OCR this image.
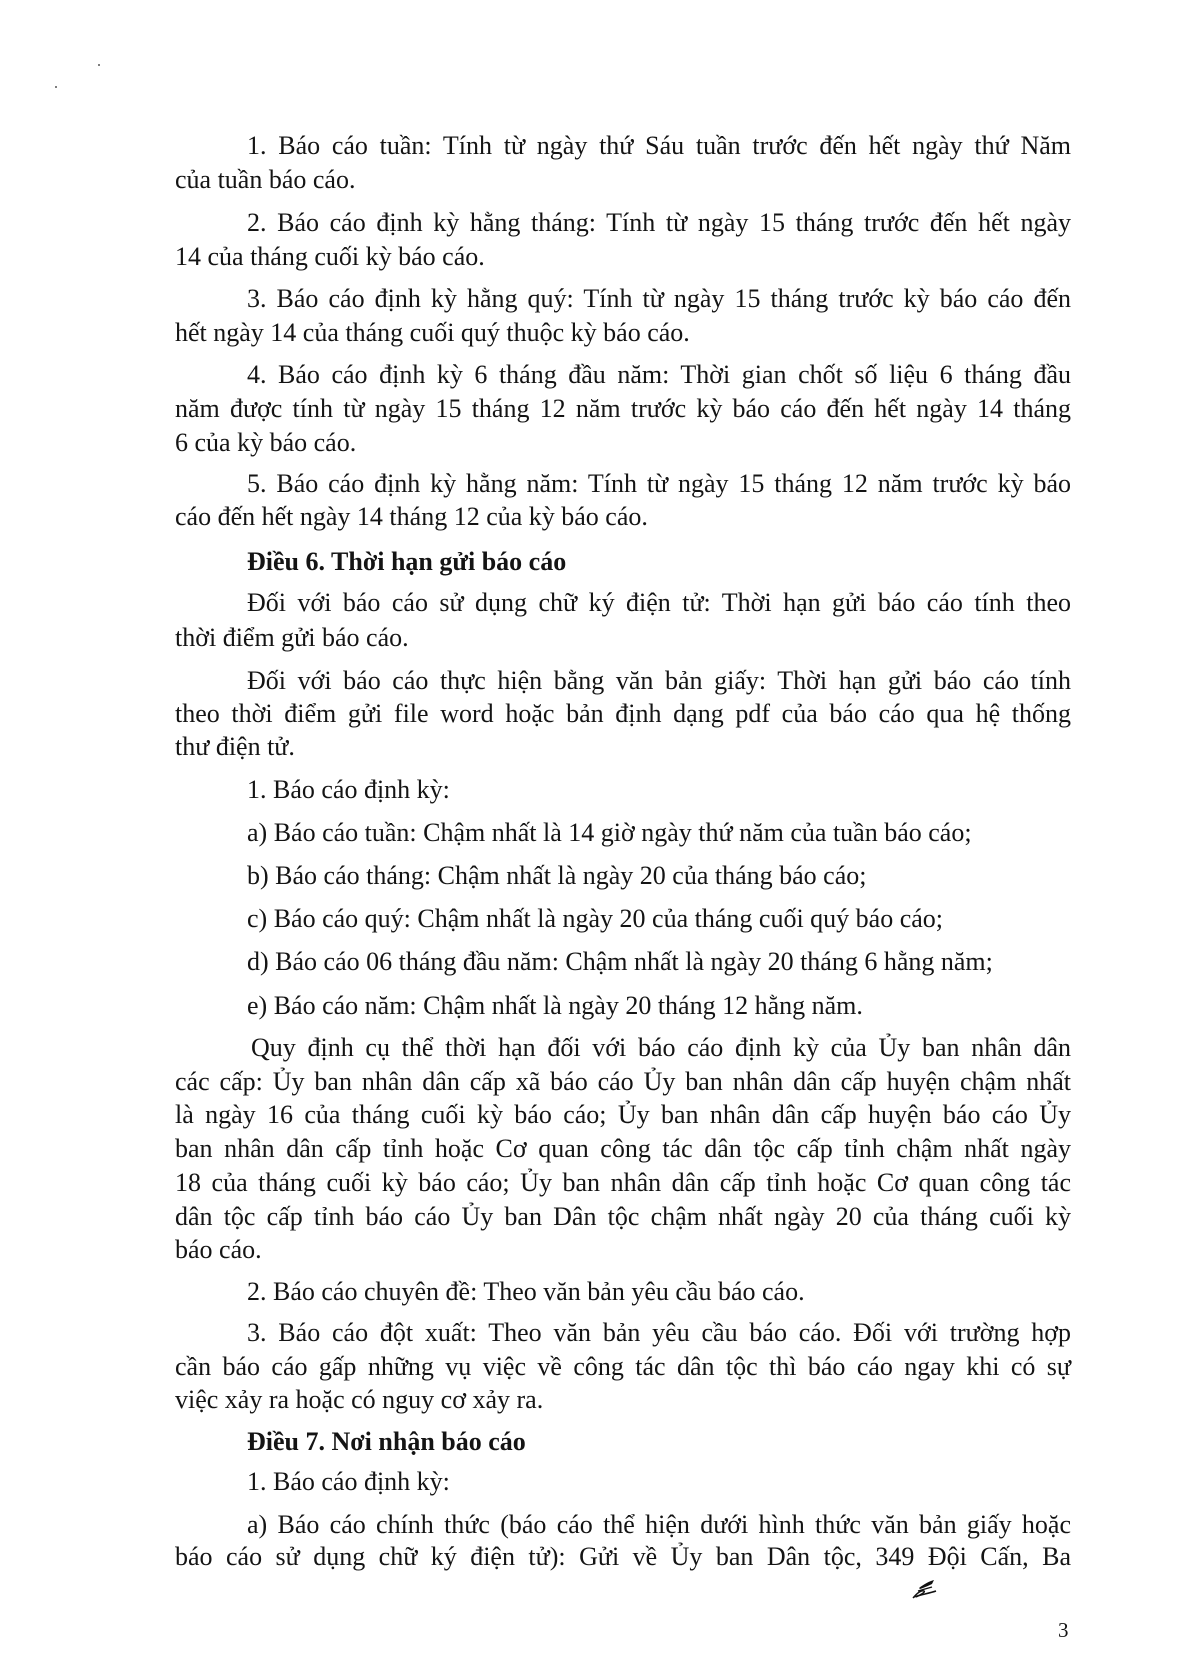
1. Báo cáo tuần: Tính từ ngày thứ Sáu tuần trước đến hết ngày thứ Năm
của tuần báo cáo.
2. Báo cáo định kỳ hằng tháng: Tính từ ngày 15 tháng trước đến hết ngày
14 của tháng cuối kỳ báo cáo.
3. Báo cáo định kỳ hằng quý: Tính từ ngày 15 tháng trước kỳ báo cáo đến
hết ngày 14 của tháng cuối quý thuộc kỳ báo cáo.
4. Báo cáo định kỳ 6 tháng đầu năm: Thời gian chốt số liệu 6 tháng đầu
năm được tính từ ngày 15 tháng 12 năm trước kỳ báo cáo đến hết ngày 14 tháng
6 của kỳ báo cáo.
5. Báo cáo định kỳ hằng năm: Tính từ ngày 15 tháng 12 năm trước kỳ báo
cáo đến hết ngày 14 tháng 12 của kỳ báo cáo.
Điều 6. Thời hạn gửi báo cáo
Đối với báo cáo sử dụng chữ ký điện tử: Thời hạn gửi báo cáo tính theo
thời điểm gửi báo cáo.
Đối với báo cáo thực hiện bằng văn bản giấy: Thời hạn gửi báo cáo tính
theo thời điểm gửi file word hoặc bản định dạng pdf của báo cáo qua hệ thống
thư điện tử.
1. Báo cáo định kỳ:
a) Báo cáo tuần: Chậm nhất là 14 giờ ngày thứ năm của tuần báo cáo;
b) Báo cáo tháng: Chậm nhất là ngày 20 của tháng báo cáo;
c) Báo cáo quý: Chậm nhất là ngày 20 của tháng cuối quý báo cáo;
d) Báo cáo 06 tháng đầu năm: Chậm nhất là ngày 20 tháng 6 hằng năm;
e) Báo cáo năm: Chậm nhất là ngày 20 tháng 12 hằng năm.
Quy định cụ thể thời hạn đối với báo cáo định kỳ của Ủy ban nhân dân
các cấp: Ủy ban nhân dân cấp xã báo cáo Ủy ban nhân dân cấp huyện chậm nhất
là ngày 16 của tháng cuối kỳ báo cáo; Ủy ban nhân dân cấp huyện báo cáo Ủy
ban nhân dân cấp tỉnh hoặc Cơ quan công tác dân tộc cấp tỉnh chậm nhất ngày
18 của tháng cuối kỳ báo cáo; Ủy ban nhân dân cấp tỉnh hoặc Cơ quan công tác
dân tộc cấp tỉnh báo cáo Ủy ban Dân tộc chậm nhất ngày 20 của tháng cuối kỳ
báo cáo.
2. Báo cáo chuyên đề: Theo văn bản yêu cầu báo cáo.
3. Báo cáo đột xuất: Theo văn bản yêu cầu báo cáo. Đối với trường hợp
cần báo cáo gấp những vụ việc về công tác dân tộc thì báo cáo ngay khi có sự
việc xảy ra hoặc có nguy cơ xảy ra.
Điều 7. Nơi nhận báo cáo
1. Báo cáo định kỳ:
a) Báo cáo chính thức (báo cáo thể hiện dưới hình thức văn bản giấy hoặc
báo cáo sử dụng chữ ký điện tử): Gửi về Ủy ban Dân tộc, 349 Đội Cấn, Ba
3
